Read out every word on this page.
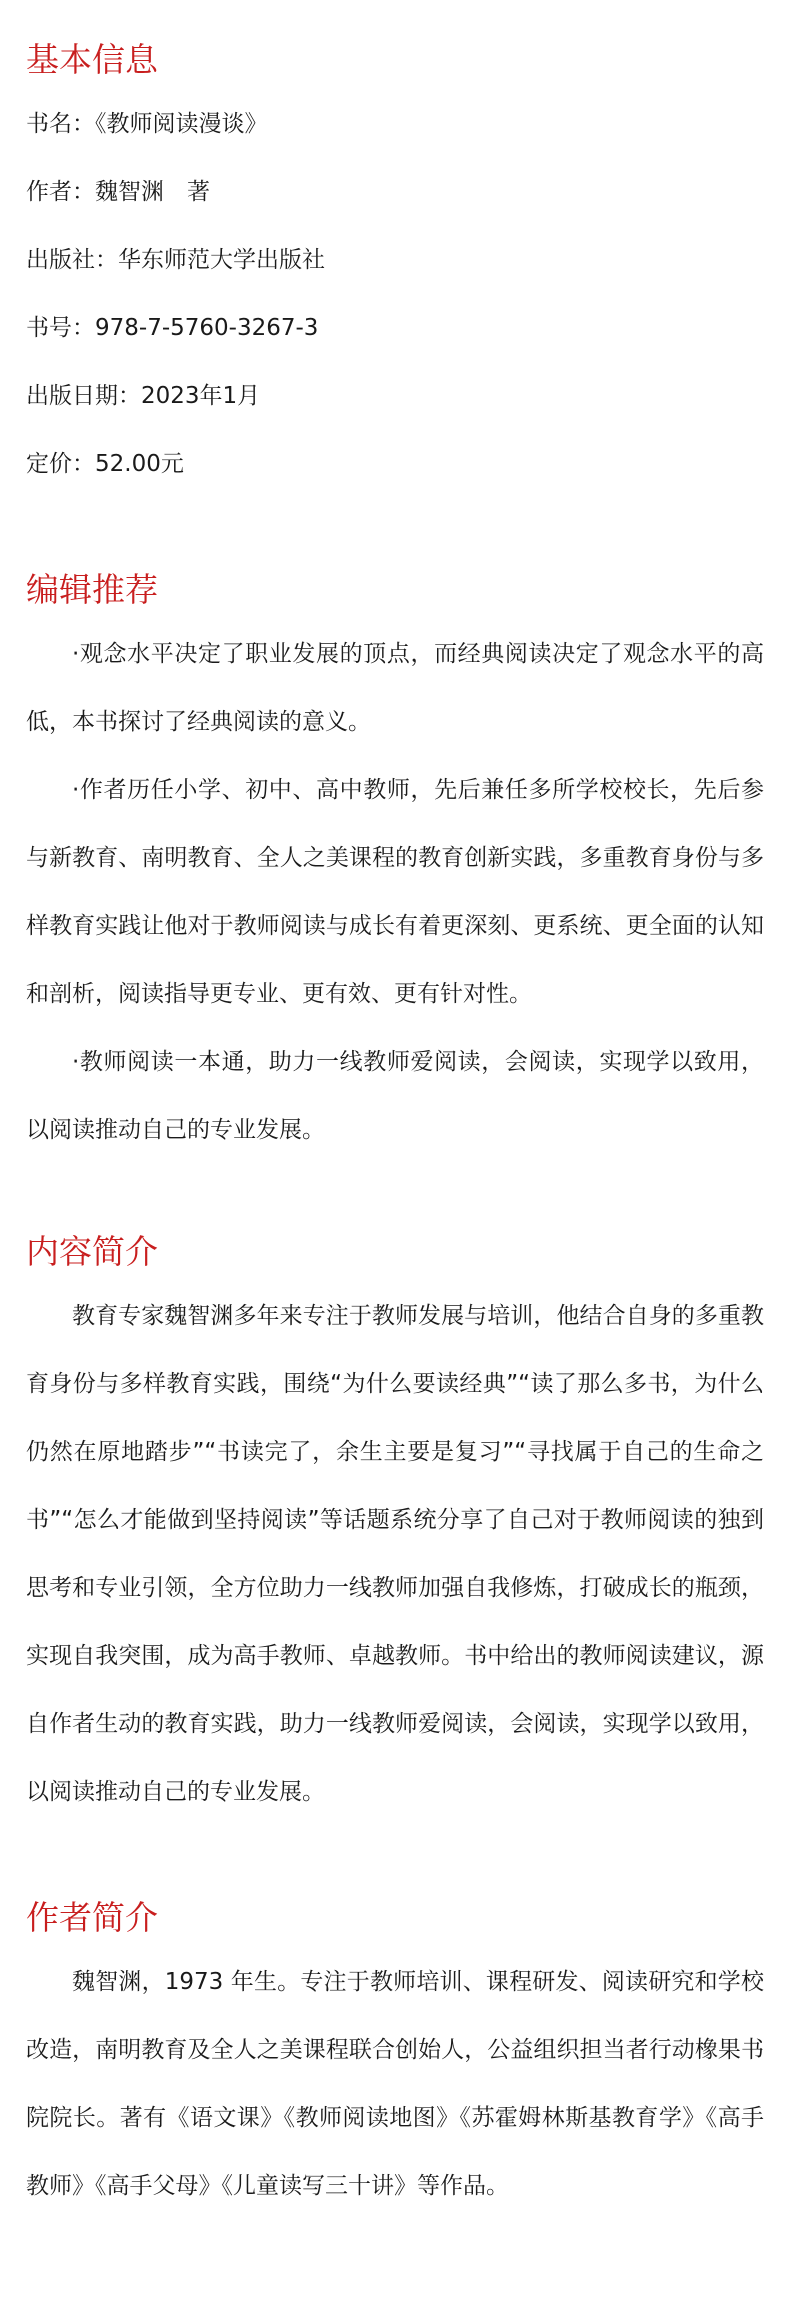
基本信息
书名：《教师阅读漫谈》
作者：魏智渊　著
出版社：华东师范大学出版社
书号：978-7-5760-3267-3
出版日期：2023年1月
定价：52.00元
编辑推荐

·观念水平决定了职业发展的顶点，而经典阅读决定了观念水平的高低，本书探讨了经典阅读的意义。

·作者历任小学、初中、高中教师，先后兼任多所学校校长，先后参与新教育、南明教育、全人之美课程的教育创新实践，多重教育身份与多样教育实践让他对于教师阅读与成长有着更深刻、更系统、更全面的认知和剖析，阅读指导更专业、更有效、更有针对性。

·教师阅读一本通，助力一线教师爱阅读，会阅读，实现学以致用，以阅读推动自己的专业发展。

内容简介

教育专家魏智渊多年来专注于教师发展与培训，他结合自身的多重教育身份与多样教育实践，围绕“为什么要读经典”“读了那么多书，为什么仍然在原地踏步”“书读完了，余生主要是复习”“寻找属于自己的生命之书”“怎么才能做到坚持阅读”等话题系统分享了自己对于教师阅读的独到思考和专业引领，全方位助力一线教师加强自我修炼，打破成长的瓶颈，实现自我突围，成为高手教师、卓越教师。书中给出的教师阅读建议，源自作者生动的教育实践，助力一线教师爱阅读，会阅读，实现学以致用，以阅读推动自己的专业发展。

作者简介

魏智渊，1973 年生。专注于教师培训、课程研发、阅读研究和学校改造，南明教育及全人之美课程联合创始人，公益组织担当者行动橡果书院院长。著有《语文课》《教师阅读地图》《苏霍姆林斯基教育学》《高手教师》《高手父母》《儿童读写三十讲》等作品。
